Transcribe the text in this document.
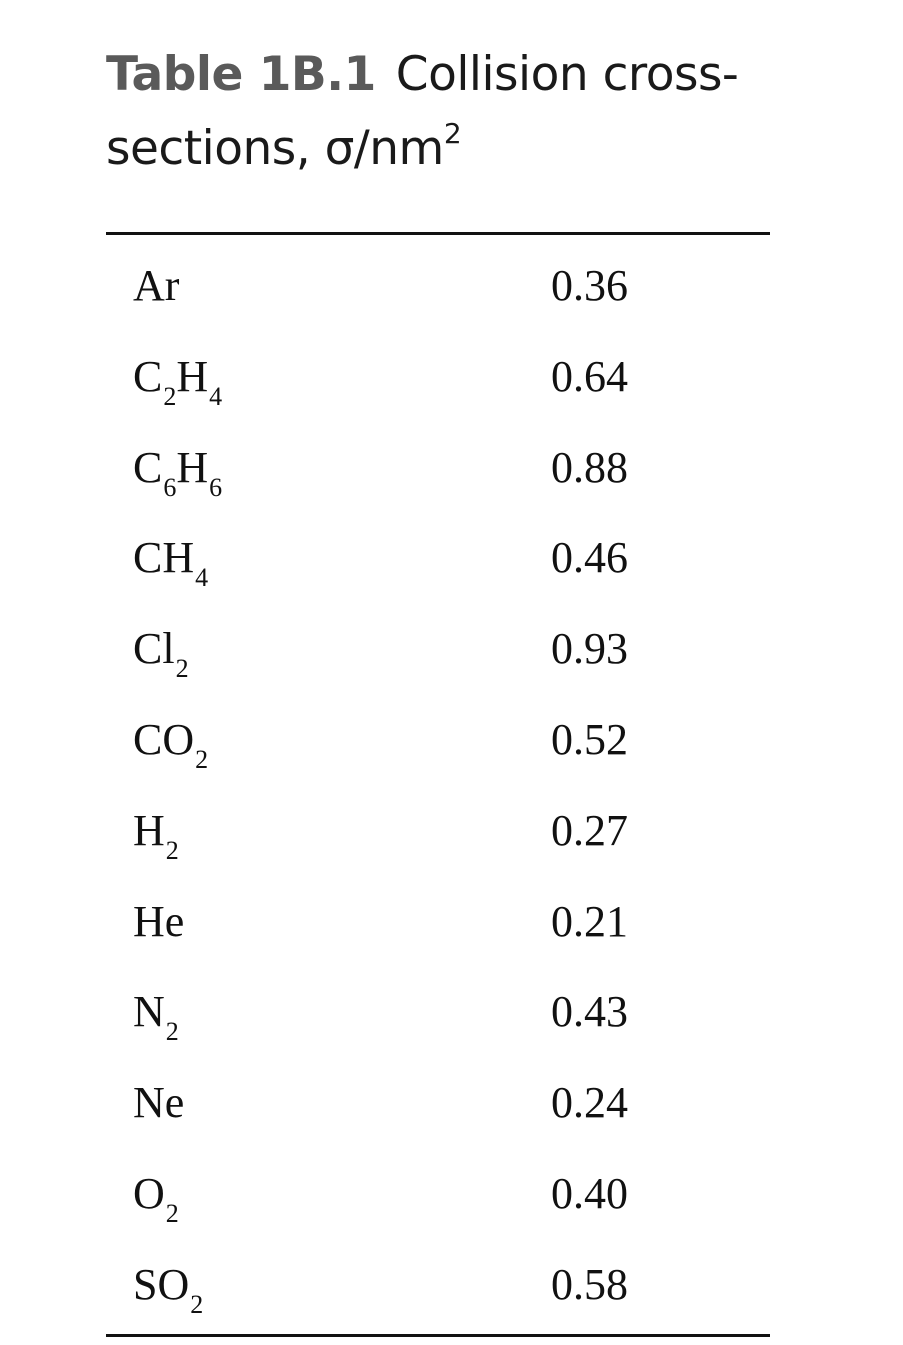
Table 1B.1 Collision cross-sections, $\sigma/nm^2$
Ar	0.36
$C_2H_4$	0.64
$C_6H_6$	0.88
$CH_4$	0.46
$Cl_2$	0.93
$CO_2$	0.52
$H_2$	0.27
He	0.21
$N_2$	0.43
Ne	0.24
$O_2$	0.40
$SO_2$	0.58
